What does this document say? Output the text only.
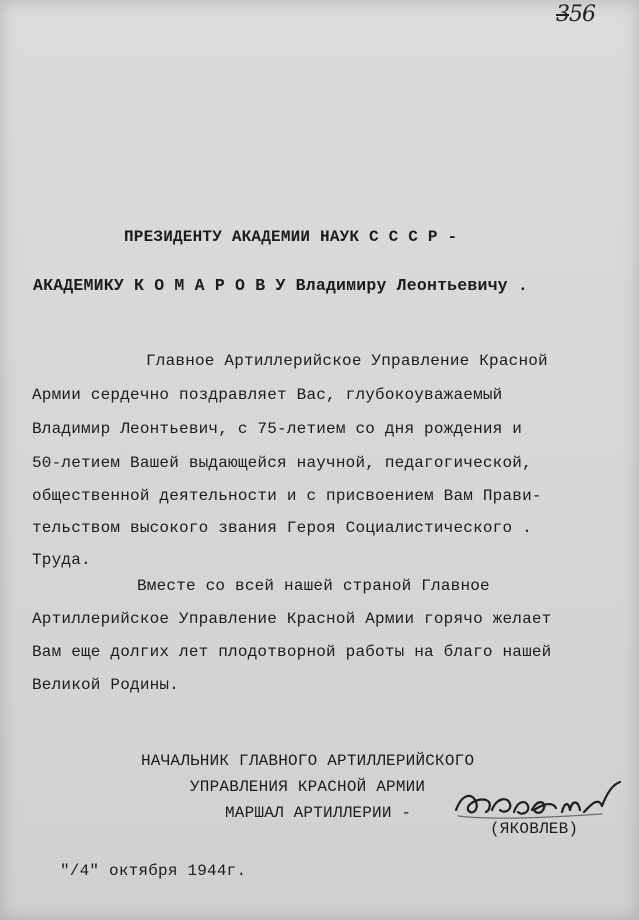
356
ПРЕЗИДЕНТУ АКАДЕМИИ НАУК С С С Р -
АКАДЕМИКУ К О М А Р О В У Владимиру Леонтьевичу .
Главное Артиллерийское Управление Красной
Армии сердечно поздравляет Вас, глубокоуважаемый
Владимир Леонтьевич, с 75-летием со дня рождения и
50-летием Вашей выдающейся научной, педагогической,
общественной деятельности и с присвоением Вам Прави-
тельством высокого звания Героя Социалистического .
Труда.
Вместе со всей нашей страной Главное
Артиллерийское Управление Красной Армии горячо желает
Вам еще долгих лет плодотворной работы на благо нашей
Великой Родины.
НАЧАЛЬНИК ГЛАВНОГО АРТИЛЛЕРИЙСКОГО
УПРАВЛЕНИЯ КРАСНОЙ АРМИИ
МАРШАЛ АРТИЛЛЕРИИ -
(ЯКОВЛЕВ)
"/4" октября 1944г.
